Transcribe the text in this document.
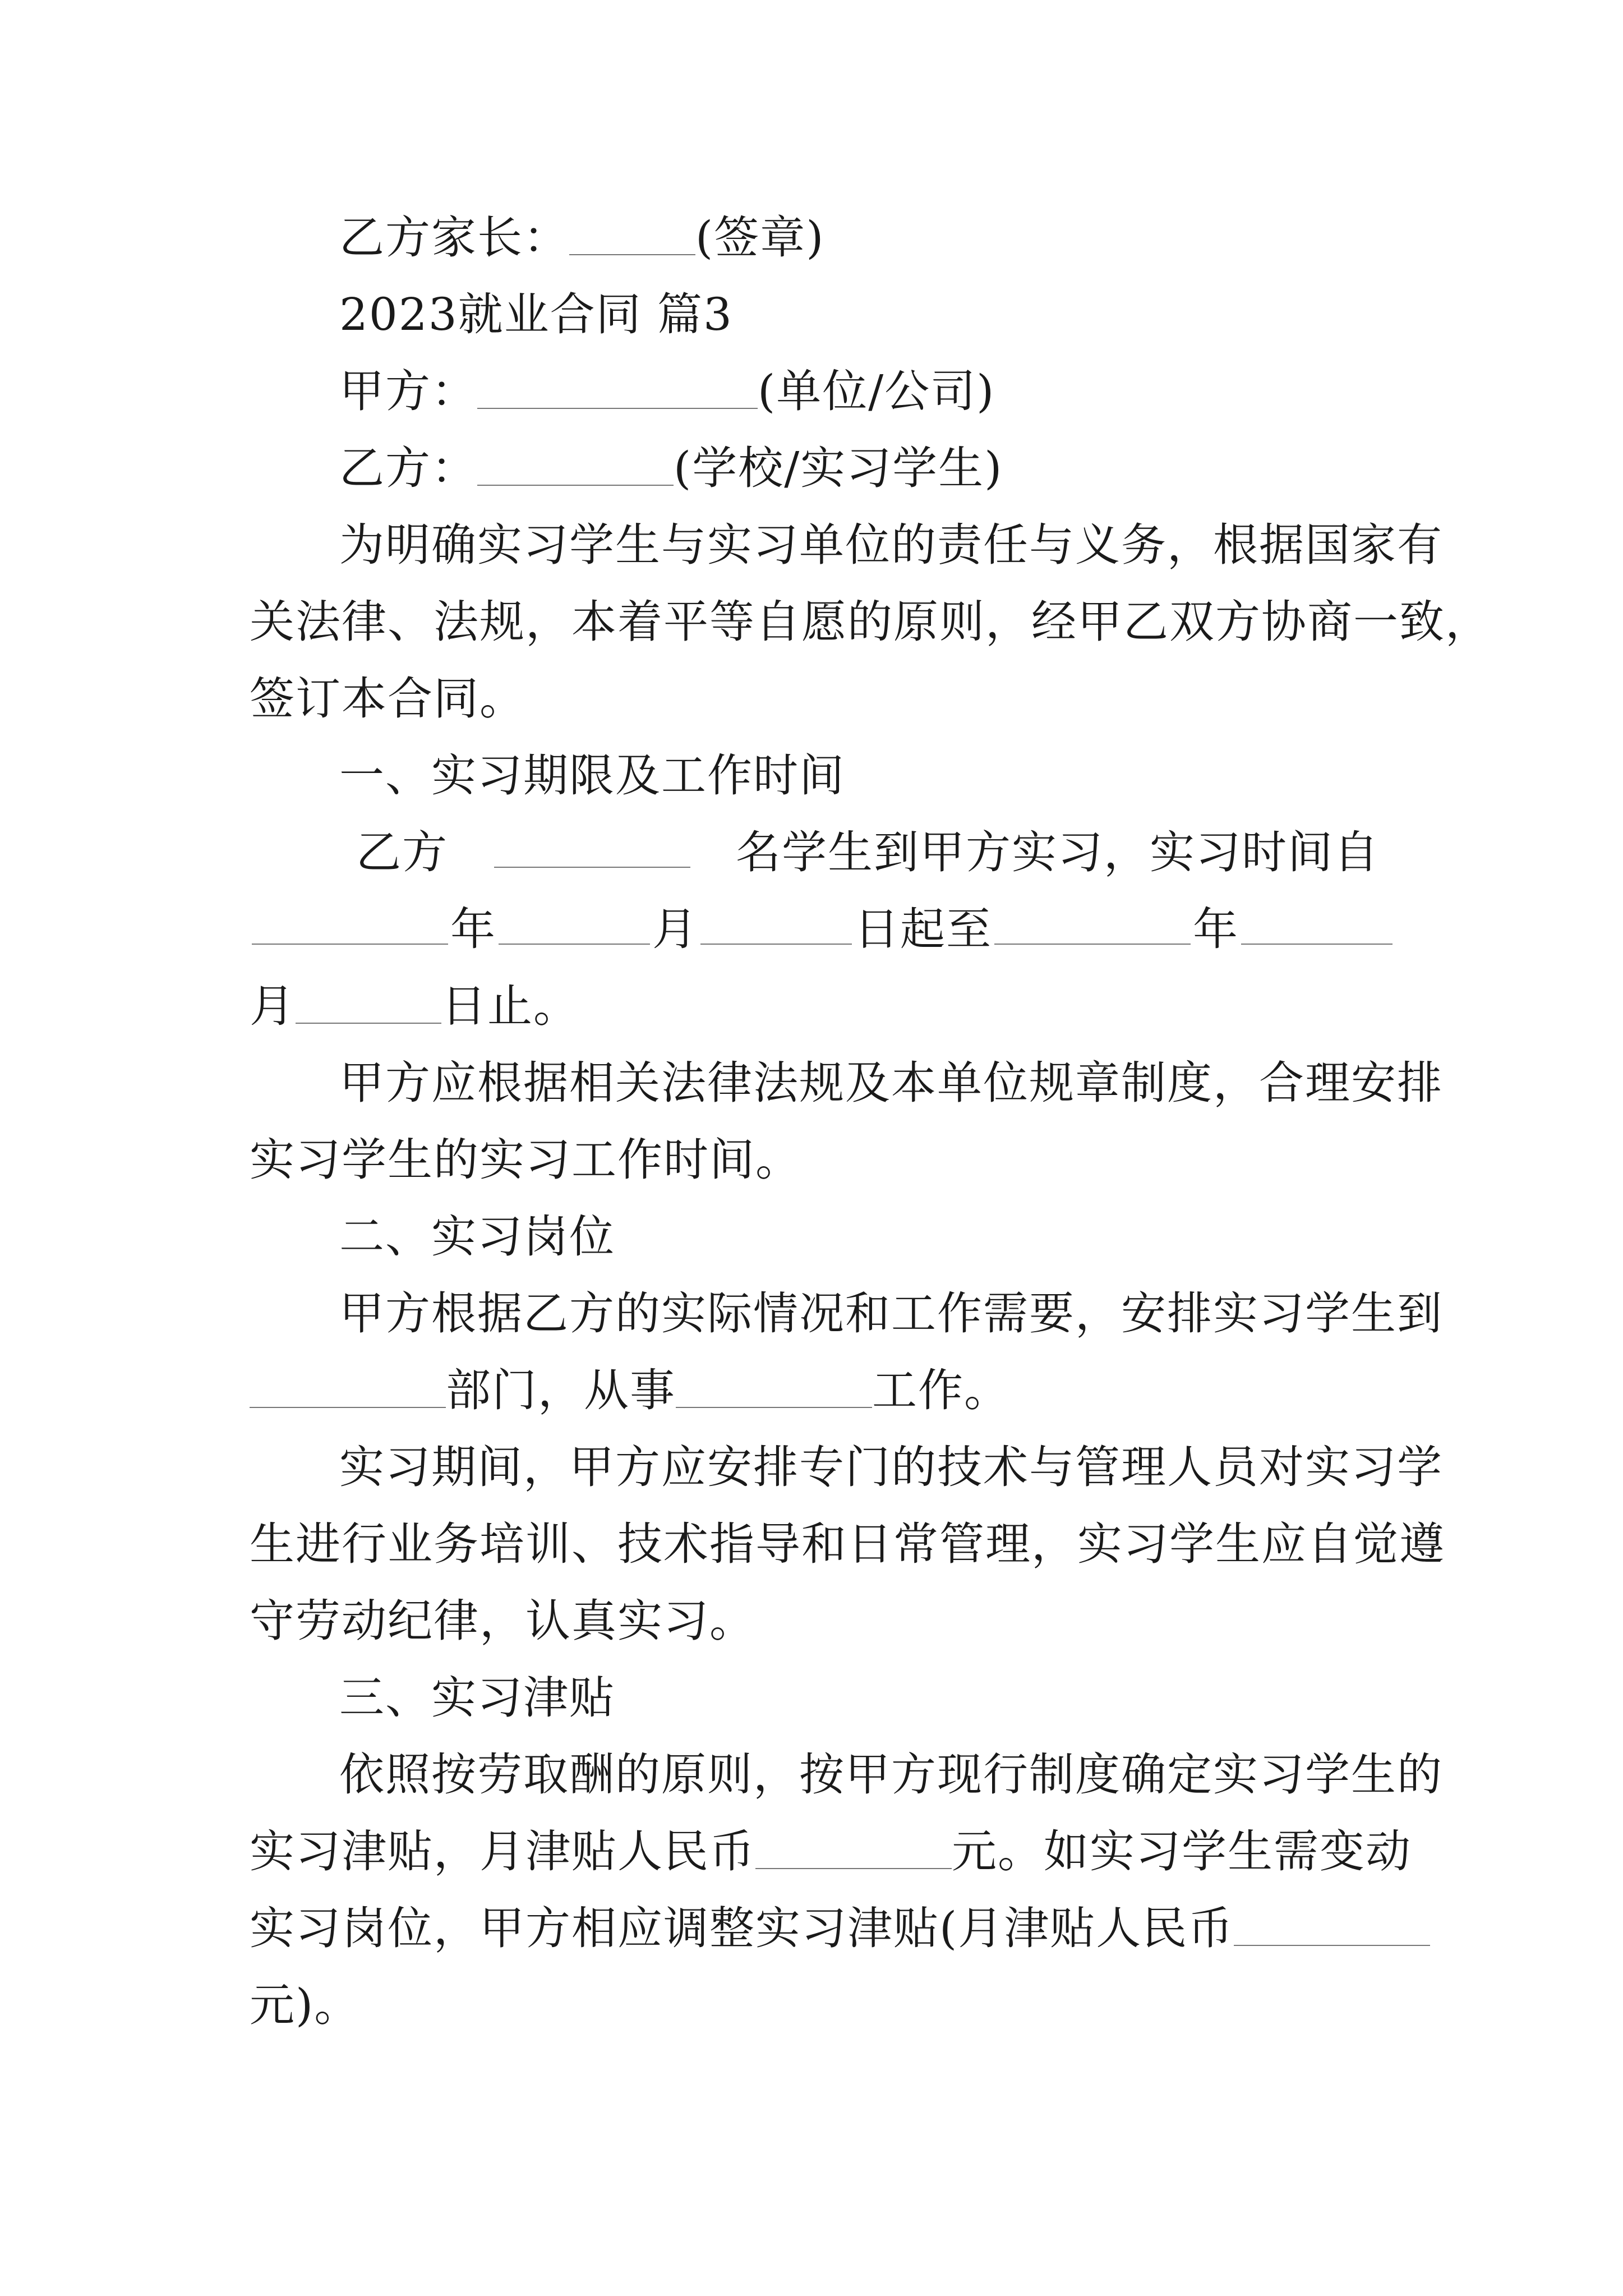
乙方家长：	(签章)
2023就业合同 篇3
甲方：	(单位/公司)
乙方：	(学校/实习学生)
为明确实习学生与实习单位的责任与义务，根据国家有
关法律、法规，本着平等自愿的原则，经甲乙双方协商一致，
签订本合同。
一、实习期限及工作时间
乙方	名学生到甲方实习，实习时间自
年	月	日起至	年
月	日止。
甲方应根据相关法律法规及本单位规章制度，合理安排
实习学生的实习工作时间。
二、实习岗位
甲方根据乙方的实际情况和工作需要，安排实习学生到
部门，从事	工作。
实习期间，甲方应安排专门的技术与管理人员对实习学
生进行业务培训、技术指导和日常管理，实习学生应自觉遵
守劳动纪律，认真实习。
三、实习津贴
依照按劳取酬的原则，按甲方现行制度确定实习学生的
实习津贴，月津贴人民币	元。如实习学生需变动
实习岗位，甲方相应调整实习津贴(月津贴人民币
元)。
